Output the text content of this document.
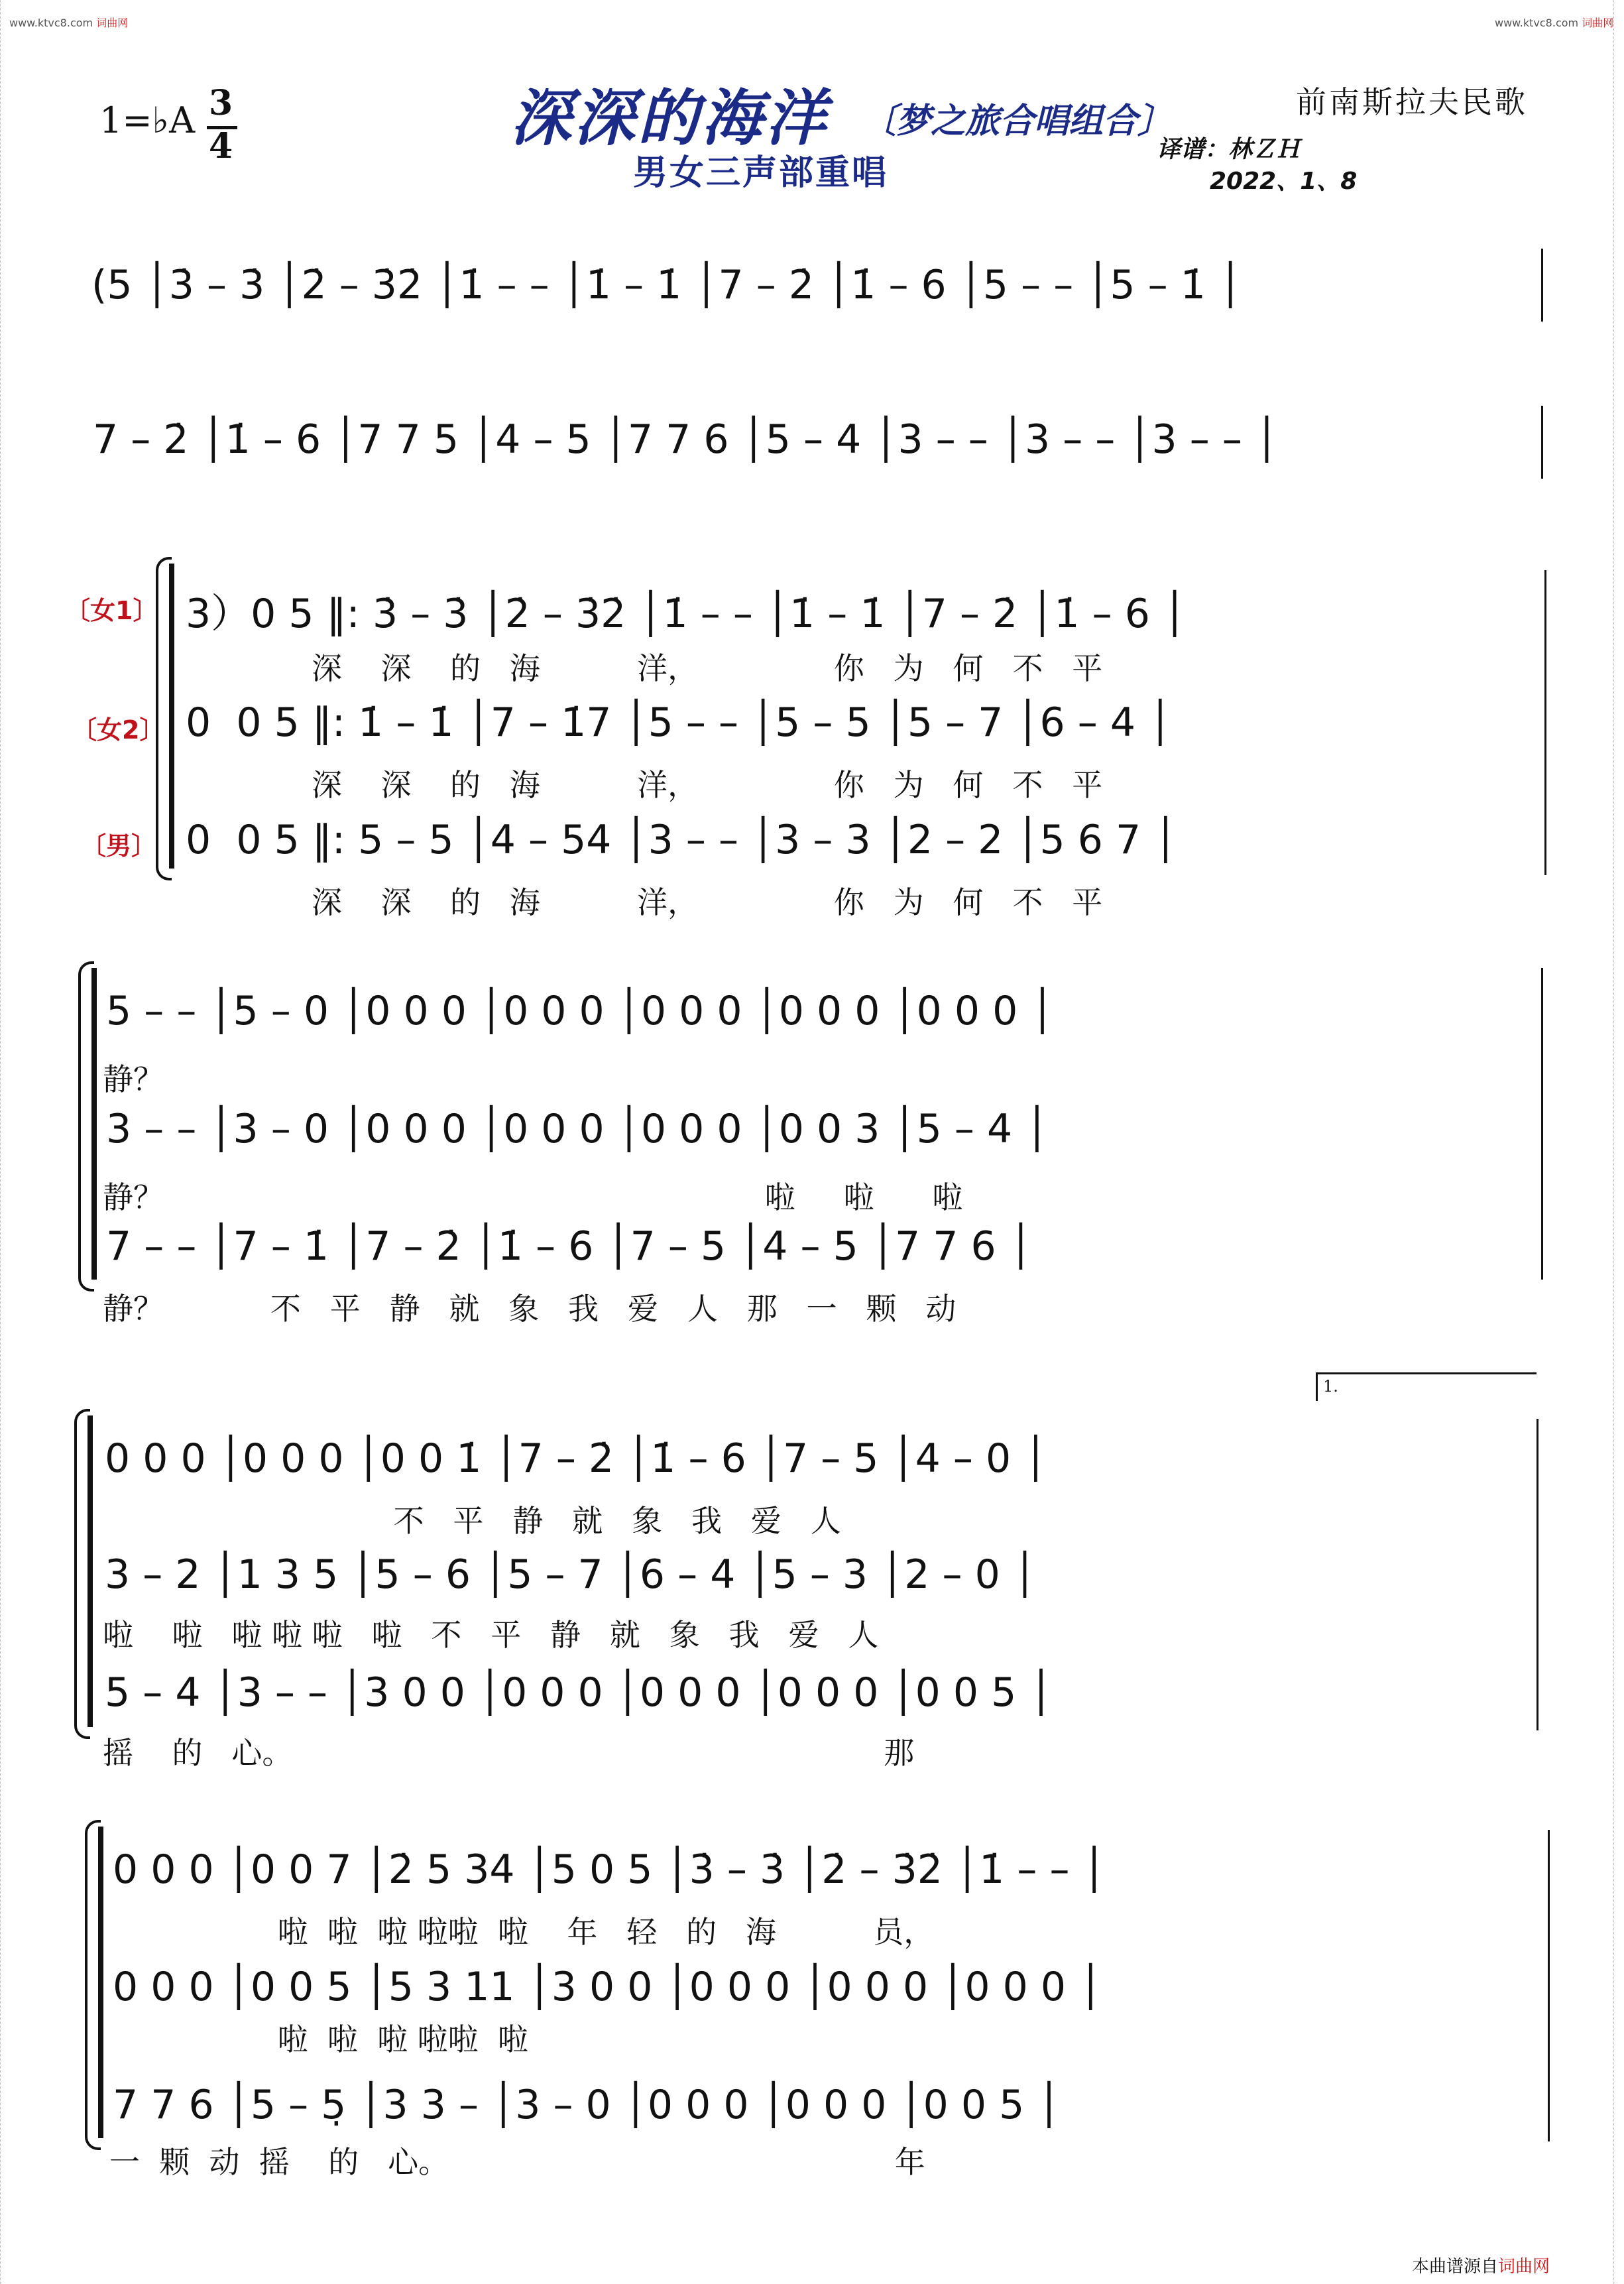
www.ktvc8.com 词曲网	www.ktvc8.com 词曲网
1=♭A 3
4	深深的海洋 〔梦之旅合唱组合〕
男女三声部重唱
前南斯拉夫民歌
译谱：林ＺＨ
2022、1、8
(5 │3̇ – 3̇ │2̇ – 3̇2̇ │1̇ – – │1̇ – 1̇ │7 – 2̇ │1̇ – 6 │5 – – │5 – 1̇ │
7 – 2̇ │1̇ – 6 │7 7 5 │4 – 5 │7 7 6 │5 – 4 │3 – – │3 – – │3 – – │
〔女1〕
〔女2〕
〔男〕
3）0 5 ‖: 3̇ – 3̇ │2̇ – 3̇2̇ │1̇ – – │1̇ – 1̇ │7 – 2̇ │1̇ – 6 │
深    深    的   海          洋，              你   为   何   不   平
0  0 5 ‖: 1̇ – 1̇ │7 – 1̇7 │5 – – │5 – 5 │5 – 7 │6 – 4 │
深    深    的   海          洋，              你   为   何   不   平
0  0 5 ‖: 5 – 5 │4 – 54 │3 – – │3 – 3 │2 – 2 │5 6 7 │
深    深    的   海          洋，              你   为   何   不   平
5 – – │5 – 0 │0 0 0 │0 0 0 │0 0 0 │0 0 0 │0 0 0 │
静？
3 – – │3 – 0 │0 0 0 │0 0 0 │0 0 0 │0 0 3 │5 – 4 │
静？                                                              啦     啦      啦
7 – – │7 – 1̇ │7 – 2̇ │1̇ – 6 │7 – 5 │4 – 5 │7 7 6 │
静？           不   平   静   就   象   我   爱   人   那   一   颗   动
1.
0 0 0 │0 0 0 │0 0 1̇ │7 – 2̇ │1̇ – 6 │7 – 5 │4 – 0 │
不   平   静   就   象   我   爱   人
3 – 2 │1 3 5 │5 – 6 │5 – 7 │6 – 4 │5 – 3 │2 – 0 │
啦    啦   啦 啦 啦   啦   不   平   静   就   象   我   爱   人
5 – 4 │3 – – │3 0 0 │0 0 0 │0 0 0 │0 0 0 │0 0 5 │
摇    的   心。                                                             那
0 0 0 │0 0 7 │2̇ 5 34 │5 0 5 │3̇ – 3̇ │2̇ – 3̇2̇ │1̇ – – │
啦  啦  啦 啦啦  啦    年   轻   的   海          员，
0 0 0 │0 0 5 │5 3 11 │3 0 0 │0 0 0 │0 0 0 │0 0 0 │
啦  啦  啦 啦啦  啦
7 7 6 │5 – 5̣ │3 3 – │3 – 0 │0 0 0 │0 0 0 │0 0 5 │
一  颗  动  摇    的   心。                                              年
本曲谱源自词曲网
